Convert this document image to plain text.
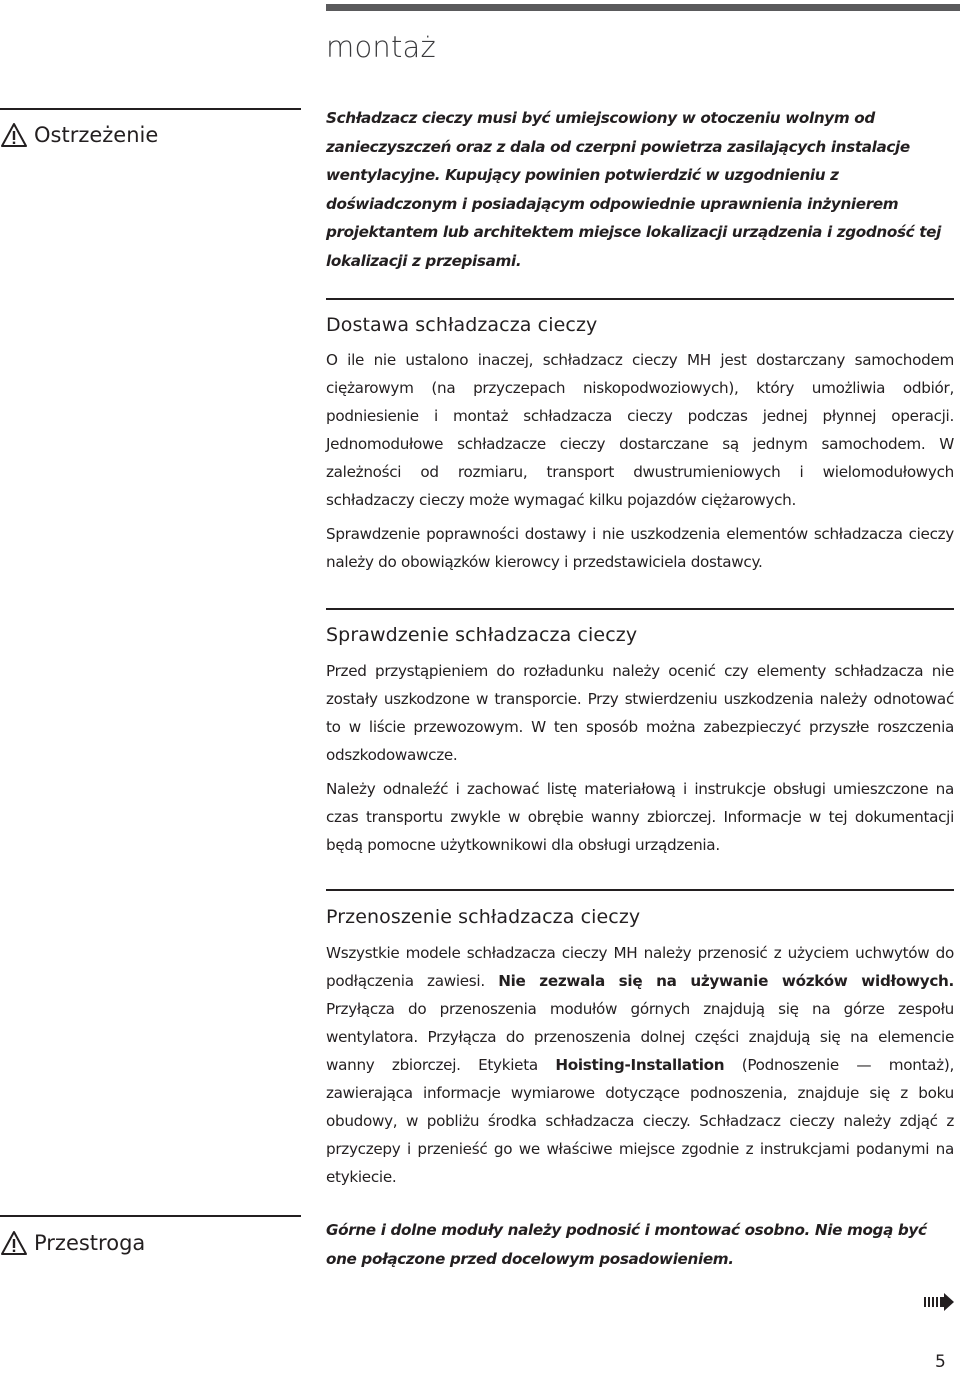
montaż
Ostrzeżenie

Schładzacz cieczy musi być umiejscowiony w otoczeniu wolnym od zanieczyszczeń oraz z dala od czerpni powietrza zasilających instalacje wentylacyjne. Kupujący powinien potwierdzić w uzgodnieniu z doświadczonym i posiadającym odpowiednie uprawnienia inżynierem projektantem lub architektem miejsce lokalizacji urządzenia i zgodność tej lokalizacji z przepisami.

Dostawa schładzacza cieczy

O ile nie ustalono inaczej, schładzacz cieczy MH jest dostarczany samochodem ciężarowym (na przyczepach niskopodwoziowych), który umożliwia odbiór, podniesienie i montaż schładzacza cieczy podczas jednej płynnej operacji. Jednomodułowe schładzacze cieczy dostarczane są jednym samochodem. W zależności od rozmiaru, transport dwustrumieniowych i wielomodułowych schładzaczy cieczy może wymagać kilku pojazdów ciężarowych.

Sprawdzenie poprawności dostawy i nie uszkodzenia elementów schładzacza cieczy należy do obowiązków kierowcy i przedstawiciela dostawcy.

Sprawdzenie schładzacza cieczy

Przed przystąpieniem do rozładunku należy ocenić czy elementy schładzacza nie zostały uszkodzone w transporcie. Przy stwierdzeniu uszkodzenia należy odnotować to w liście przewozowym. W ten sposób można zabezpieczyć przyszłe roszczenia odszkodowawcze.

Należy odnaleźć i zachować listę materiałową i instrukcje obsługi umieszczone na czas transportu zwykle w obrębie wanny zbiorczej. Informacje w tej dokumentacji będą pomocne użytkownikowi dla obsługi urządzenia.

Przenoszenie schładzacza cieczy

Wszystkie modele schładzacza cieczy MH należy przenosić z użyciem uchwytów do podłączenia zawiesi. Nie zezwala się na używanie wózków widłowych. Przyłącza do przenoszenia modułów górnych znajdują się na górze zespołu wentylatora. Przyłącza do przenoszenia dolnej części znajdują się na elemencie wanny zbiorczej. Etykieta Hoisting-Installation (Podnoszenie — montaż), zawierająca informacje wymiarowe dotyczące podnoszenia, znajduje się z boku obudowy, w pobliżu środka schładzacza cieczy. Schładzacz cieczy należy zdjąć z przyczepy i przenieść go we właściwe miejsce zgodnie z instrukcjami podanymi na etykiecie.

Przestroga

Górne i dolne moduły należy podnosić i montować osobno. Nie mogą być one połączone przed docelowym posadowieniem.

5
